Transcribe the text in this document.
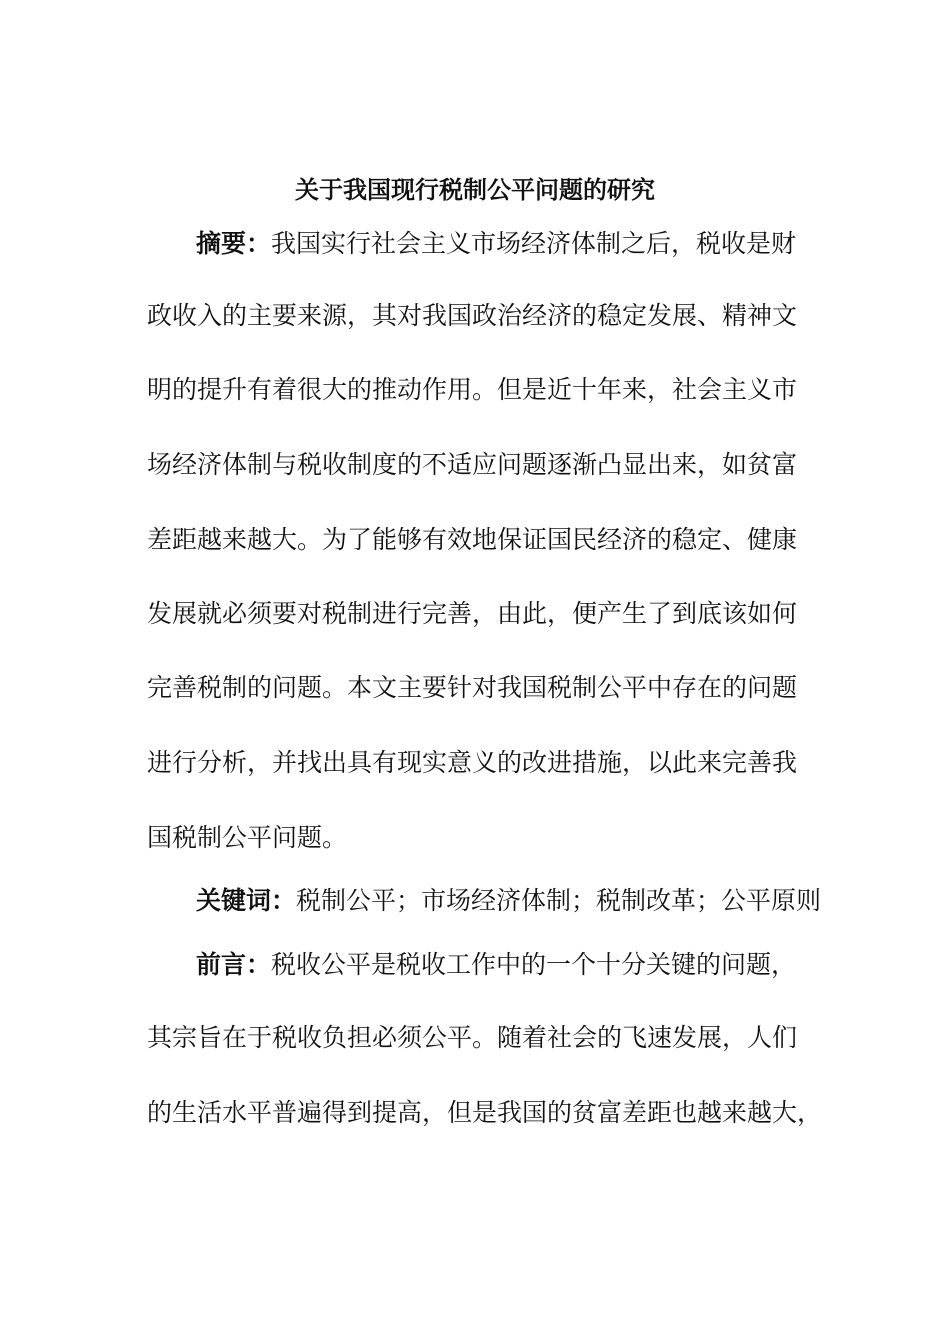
关于我国现行税制公平问题的研究
摘要：我国实行社会主义市场经济体制之后，税收是财
政收入的主要来源，其对我国政治经济的稳定发展、精神文
明的提升有着很大的推动作用。但是近十年来，社会主义市
场经济体制与税收制度的不适应问题逐渐凸显出来，如贫富
差距越来越大。为了能够有效地保证国民经济的稳定、健康
发展就必须要对税制进行完善，由此，便产生了到底该如何
完善税制的问题。本文主要针对我国税制公平中存在的问题
进行分析，并找出具有现实意义的改进措施，以此来完善我
国税制公平问题。
关键词：税制公平；市场经济体制；税制改革；公平原则
前言：税收公平是税收工作中的一个十分关键的问题，
其宗旨在于税收负担必须公平。随着社会的飞速发展，人们
的生活水平普遍得到提高，但是我国的贫富差距也越来越大，
